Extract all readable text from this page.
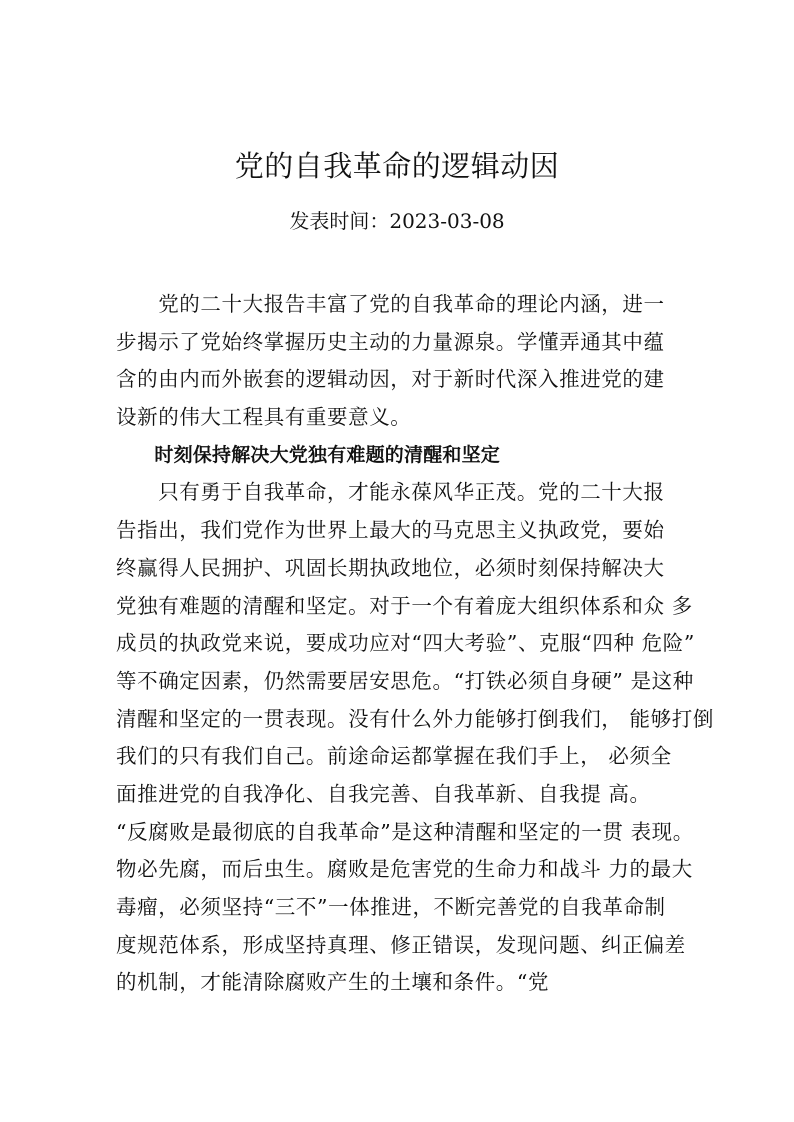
党的自我革命的逻辑动因
发表时间：2023-03-08
　　党的二十大报告丰富了党的自我革命的理论内涵，进一
步揭示了党始终掌握历史主动的力量源泉。学懂弄通其中蕴
含的由内而外嵌套的逻辑动因，对于新时代深入推进党的建
设新的伟大工程具有重要意义。
　　时刻保持解决大党独有难题的清醒和坚定
　　只有勇于自我革命，才能永葆风华正茂。党的二十大报
告指出，我们党作为世界上最大的马克思主义执政党，要始
终赢得人民拥护、巩固长期执政地位，必须时刻保持解决大
党独有难题的清醒和坚定。对于一个有着庞大组织体系和众 多
成员的执政党来说，要成功应对“四大考验”、克服“四种 危险”
等不确定因素，仍然需要居安思危。“打铁必须自身硬” 是这种
清醒和坚定的一贯表现。没有什么外力能够打倒我们， 能够打倒
我们的只有我们自己。前途命运都掌握在我们手上， 必须全
面推进党的自我净化、自我完善、自我革新、自我提 高。
“反腐败是最彻底的自我革命”是这种清醒和坚定的一贯 表现。
物必先腐，而后虫生。腐败是危害党的生命力和战斗 力的最大
毒瘤，必须坚持“三不”一体推进，不断完善党的自我革命制
度规范体系，形成坚持真理、修正错误，发现问题、纠正偏差
的机制，才能清除腐败产生的土壤和条件。“党
